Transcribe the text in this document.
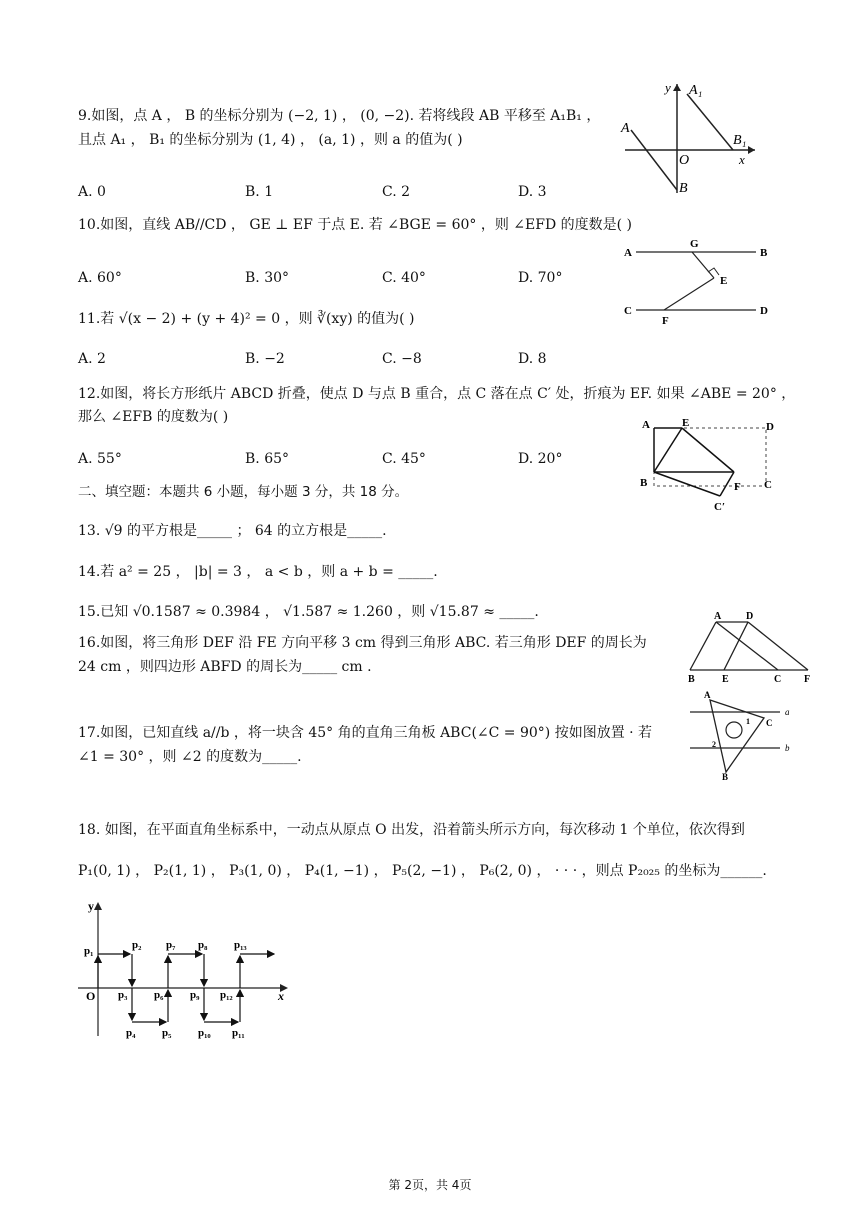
9.如图，点 A ， B 的坐标分别为 (−2, 1) ， (0, −2). 若将线段 AB 平移至 A₁B₁ ，
且点 A₁ ， B₁ 的坐标分别为 (1, 4) ， (a, 1) ，则 a 的值为( )
A. 0	B. 1	C. 2	D. 3
y
x
O
A
B
A₁
B₁
10.如图，直线 AB//CD ， GE ⊥ EF 于点 E. 若 ∠BGE = 60° ，则 ∠EFD 的度数是( )
A. 60°	B. 30°	C. 40°	D. 70°
A	B
C	D
G
E
F
11.若 √(x − 2) + (y + 4)² = 0 ，则 ∛(xy) 的值为( )
A. 2	B. −2	C. −8	D. 8
12.如图，将长方形纸片 ABCD 折叠，使点 D 与点 B 重合，点 C 落在点 C′ 处，折痕为 EF. 如果 ∠ABE = 20° ，
那么 ∠EFB 的度数为( )
A. 55°	B. 65°	C. 45°	D. 20°
A	E	D
B	F C
C′
二、填空题：本题共 6 小题，每小题 3 分，共 18 分。
13. √9 的平方根是_____ ； 64 的立方根是_____.
14.若 a² = 25 ， |b| = 3 ， a < b ，则 a + b = _____.
15.已知 √0.1587 ≈ 0.3984 ， √1.587 ≈ 1.260 ，则 √15.87 ≈ _____.
16.如图，将三角形 DEF 沿 FE 方向平移 3 cm 得到三角形 ABC. 若三角形 DEF 的周长为
24 cm ，则四边形 ABFD 的周长为_____ cm .
A D
B	E	C F
17.如图，已知直线 a//b ，将一块含 45° 角的直角三角板 ABC(∠C = 90°) 按如图放置 · 若
∠1 = 30° ，则 ∠2 的度数为_____.
A
C
B
a
b
1
2
18. 如图，在平面直角坐标系中，一动点从原点 O 出发，沿着箭头所示方向，每次移动 1 个单位，依次得到
P₁(0, 1) ， P₂(1, 1) ， P₃(1, 0) ， P₄(1, −1) ， P₅(2, −1) ， P₆(2, 0) ， · · · ，则点 P₂₀₂₅ 的坐标为______.
y
x
O
p₁	p₂
p₃
p₄ p₅
p₆
p₇ p₈
p₉
p₁₀ p₁₁
p₁₂
p₁₃
第 2页，共 4页
